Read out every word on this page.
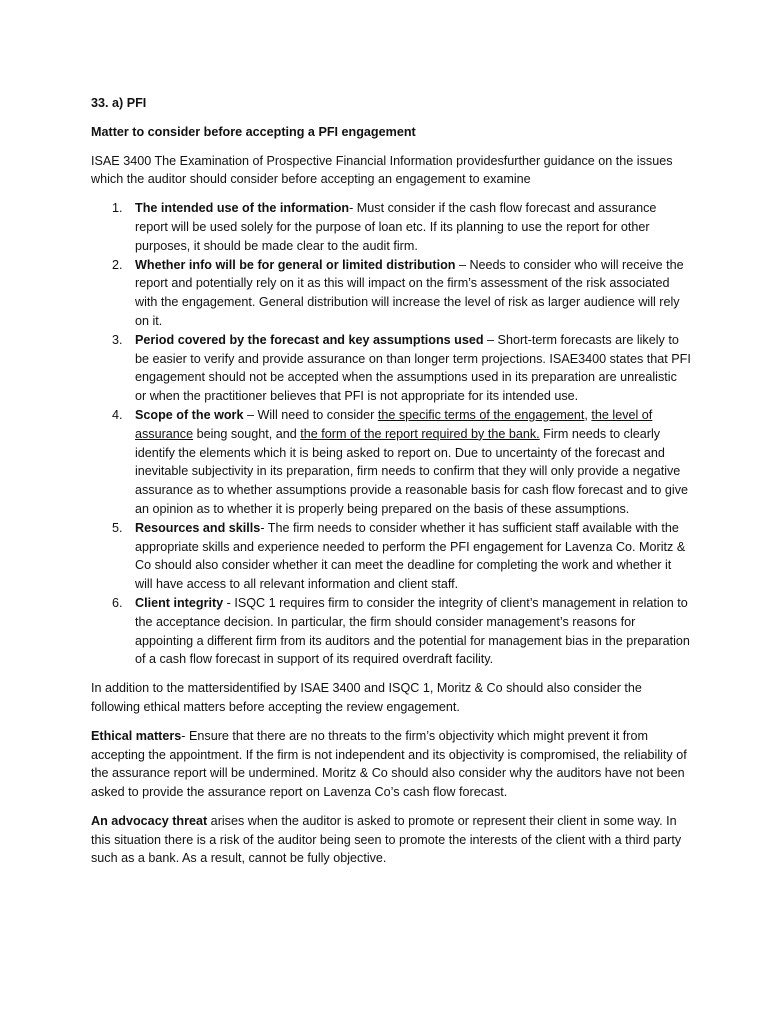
33. a) PFI

Matter to consider before accepting a PFI engagement

ISAE 3400 The Examination of Prospective Financial Information providesfurther guidance on the issues which the auditor should consider before accepting an engagement to examine

1. The intended use of the information- Must consider if the cash flow forecast and assurance report will be used solely for the purpose of loan etc. If its planning to use the report for other purposes, it should be made clear to the audit firm.
2. Whether info will be for general or limited distribution – Needs to consider who will receive the report and potentially rely on it as this will impact on the firm’s assessment of the risk associated with the engagement. General distribution will increase the level of risk as larger audience will rely on it.
3. Period covered by the forecast and key assumptions used – Short-term forecasts are likely to be easier to verify and provide assurance on than longer term projections. ISAE3400 states that PFI engagement should not be accepted when the assumptions used in its preparation are unrealistic or when the practitioner believes that PFI is not appropriate for its intended use.
4. Scope of the work – Will need to consider the specific terms of the engagement, the level of assurance being sought, and the form of the report required by the bank. Firm needs to clearly identify the elements which it is being asked to report on. Due to uncertainty of the forecast and inevitable subjectivity in its preparation, firm needs to confirm that they will only provide a negative assurance as to whether assumptions provide a reasonable basis for cash flow forecast and to give an opinion as to whether it is properly being prepared on the basis of these assumptions.
5. Resources and skills- The firm needs to consider whether it has sufficient staff available with the appropriate skills and experience needed to perform the PFI engagement for Lavenza Co. Moritz & Co should also consider whether it can meet the deadline for completing the work and whether it will have access to all relevant information and client staff.
6. Client integrity - ISQC 1 requires firm to consider the integrity of client’s management in relation to the acceptance decision. In particular, the firm should consider management’s reasons for appointing a different firm from its auditors and the potential for management bias in the preparation of a cash flow forecast in support of its required overdraft facility.

In addition to the mattersidentified by ISAE 3400 and ISQC 1, Moritz & Co should also consider the following ethical matters before accepting the review engagement.

Ethical matters- Ensure that there are no threats to the firm’s objectivity which might prevent it from accepting the appointment. If the firm is not independent and its objectivity is compromised, the reliability of the assurance report will be undermined. Moritz & Co should also consider why the auditors have not been asked to provide the assurance report on Lavenza Co’s cash flow forecast.

An advocacy threat arises when the auditor is asked to promote or represent their client in some way. In this situation there is a risk of the auditor being seen to promote the interests of the client with a third party such as a bank. As a result, cannot be fully objective.
